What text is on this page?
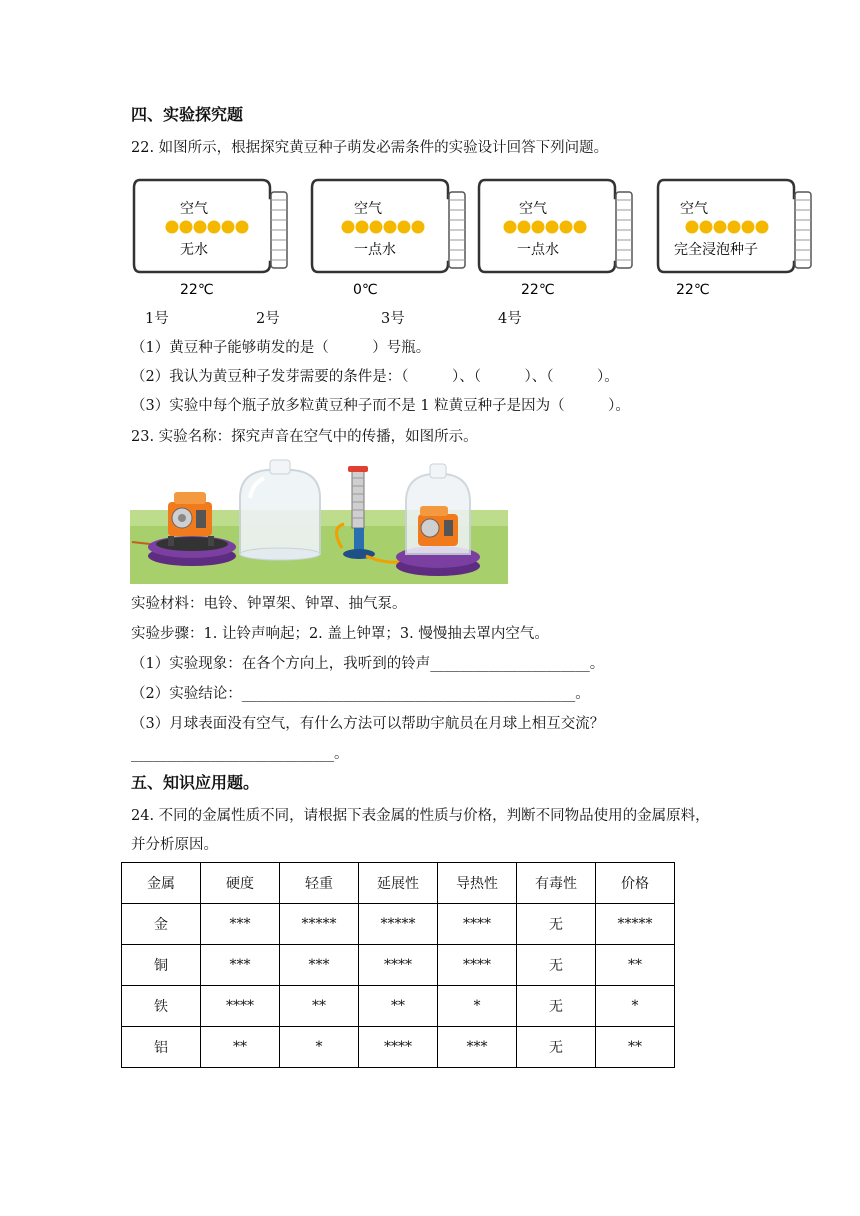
四、实验探究题
22. 如图所示，根据探究黄豆种子萌发必需条件的实验设计回答下列问题。
空气
无水
22℃
空气
一点水
0℃
空气
一点水
22℃
空气
完全浸泡种子
22℃
1号	2号	3号	4号
（1）黄豆种子能够萌发的是（　　　）号瓶。
（2）我认为黄豆种子发芽需要的条件是：（　　　）、（　　　）、（　　　）。
（3）实验中每个瓶子放多粒黄豆种子而不是 1 粒黄豆种子是因为（　　　）。
23. 实验名称：探究声音在空气中的传播，如图所示。
实验材料：电铃、钟罩架、钟罩、抽气泵。
实验步骤：1. 让铃声响起；2. 盖上钟罩；3. 慢慢抽去罩内空气。
（1）实验现象：在各个方向上，我听到的铃声______________________。
（2）实验结论：______________________________________________。
（3）月球表面没有空气，有什么方法可以帮助宇航员在月球上相互交流？
____________________________。
五、知识应用题。
24. 不同的金属性质不同，请根据下表金属的性质与价格，判断不同物品使用的金属原料，
并分析原因。
金属	硬度	轻重	延展性	导热性	有毒性	价格
金	***	*****	*****	****	无	*****
铜	***	***	****	****	无	**
铁	****	**	**	*	无	*
铝	**	*	****	***	无	**
